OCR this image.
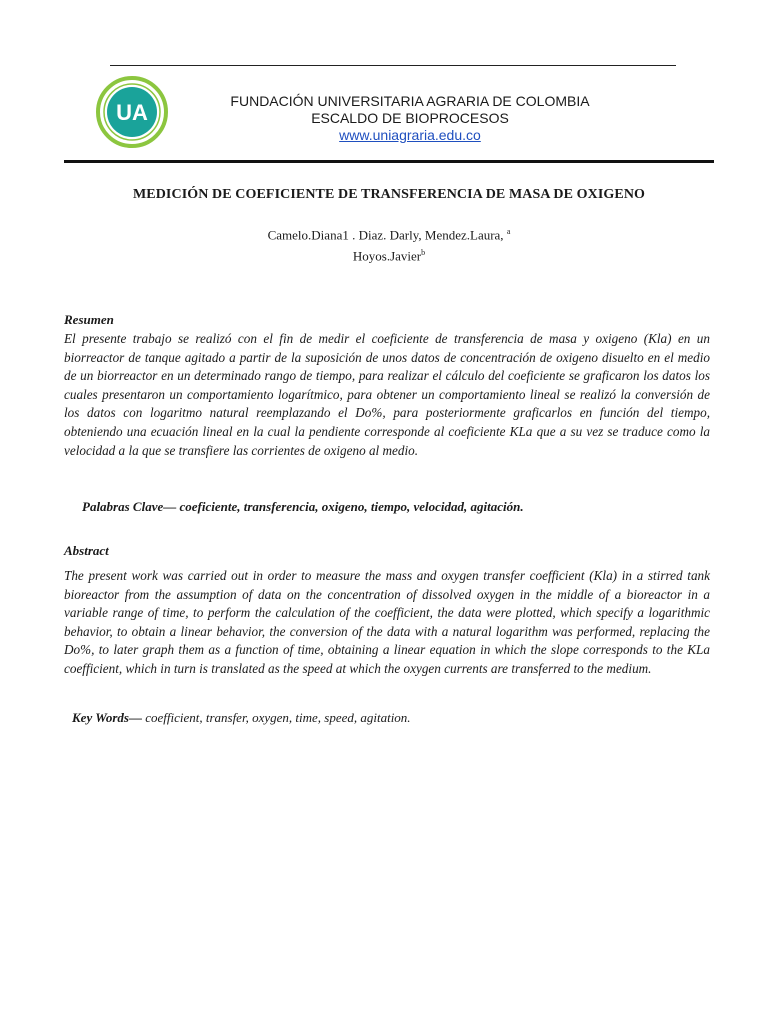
UA	FUNDACIÓN UNIVERSITARIA AGRARIA DE COLOMBIA
ESCALDO DE BIOPROCESOS
www.uniagraria.edu.co
MEDICIÓN DE COEFICIENTE DE TRANSFERENCIA DE MASA DE OXIGENO
Camelo.Diana1 . Diaz. Darly, Mendez.Laura, $^a$
Hoyos.Javier$^b$
Resumen
El presente trabajo se realizó con el fin de medir el coeficiente de transferencia de masa y oxigeno (Kla) en un biorreactor de tanque agitado a partir de la suposición de unos datos de concentración de oxigeno disuelto en el medio de un biorreactor en un determinado rango de tiempo, para realizar el cálculo del coeficiente se graficaron los datos los cuales presentaron un comportamiento logarítmico, para obtener un comportamiento lineal se realizó la conversión de los datos con logaritmo natural reemplazando el Do%, para posteriormente graficarlos en función del tiempo, obteniendo una ecuación lineal en la cual la pendiente corresponde al coeficiente KLa que a su vez se traduce como la velocidad a la que se transfiere las corrientes de oxigeno al medio.
Palabras Clave— coeficiente, transferencia, oxigeno, tiempo, velocidad, agitación.
Abstract
The present work was carried out in order to measure the mass and oxygen transfer coefficient (Kla) in a stirred tank bioreactor from the assumption of data on the concentration of dissolved oxygen in the middle of a bioreactor in a variable range of time, to perform the calculation of the coefficient, the data were plotted, which specify a logarithmic behavior, to obtain a linear behavior, the conversion of the data with a natural logarithm was performed, replacing the Do%, to later graph them as a function of time, obtaining a linear equation in which the slope corresponds to the KLa coefficient, which in turn is translated as the speed at which the oxygen currents are transferred to the medium.
Key Words— coefficient, transfer, oxygen, time, speed, agitation.
